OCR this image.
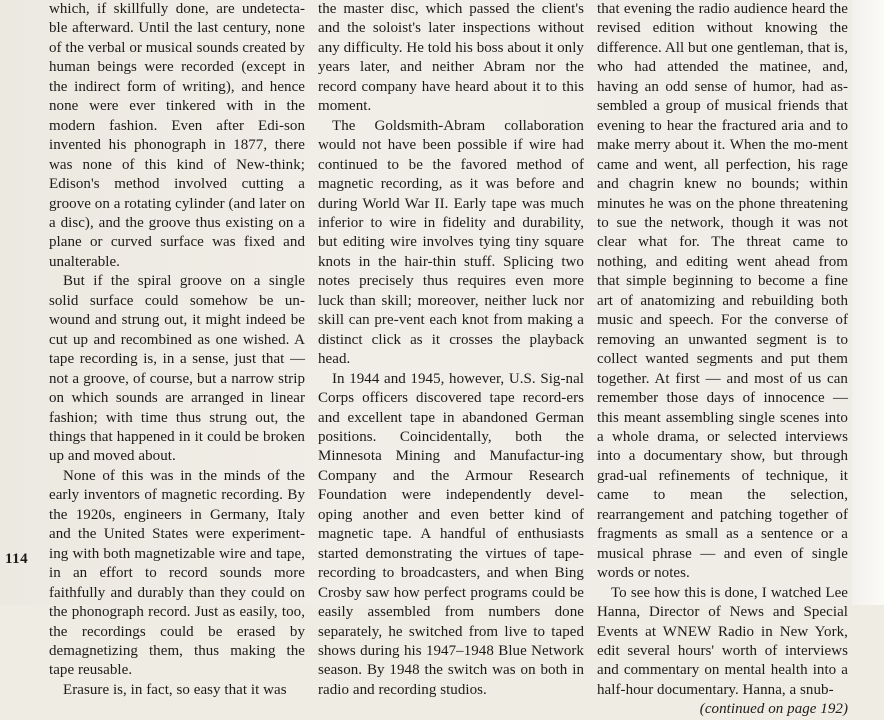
which, if skillfully done, are undetecta-ble afterward. Until the last century, none of the verbal or musical sounds created by human beings were recorded (except in the indirect form of writing), and hence none were ever tinkered with in the modern fashion. Even after Edi-son invented his phonograph in 1877, there was none of this kind of New-think; Edison's method involved cutting a groove on a rotating cylinder (and later on a disc), and the groove thus existing on a plane or curved surface was fixed and unalterable.

But if the spiral groove on a single solid surface could somehow be un-wound and strung out, it might indeed be cut up and recombined as one wished. A tape recording is, in a sense, just that — not a groove, of course, but a narrow strip on which sounds are arranged in linear fashion; with time thus strung out, the things that happened in it could be broken up and moved about.

None of this was in the minds of the early inventors of magnetic recording. By the 1920s, engineers in Germany, Italy and the United States were experiment-ing with both magnetizable wire and tape, in an effort to record sounds more faithfully and durably than they could on the phonograph record. Just as easily, too, the recordings could be erased by demagnetizing them, thus making the tape reusable.

Erasure is, in fact, so easy that it was

the master disc, which passed the client's and the soloist's later inspections without any difficulty. He told his boss about it only years later, and neither Abram nor the record company have heard about it to this moment.

The Goldsmith-Abram collaboration would not have been possible if wire had continued to be the favored method of magnetic recording, as it was before and during World War II. Early tape was much inferior to wire in fidelity and durability, but editing wire involves tying tiny square knots in the hair-thin stuff. Splicing two notes precisely thus requires even more luck than skill; moreover, neither luck nor skill can pre-vent each knot from making a distinct click as it crosses the playback head.

In 1944 and 1945, however, U.S. Sig-nal Corps officers discovered tape record-ers and excellent tape in abandoned German positions. Coincidentally, both the Minnesota Mining and Manufactur-ing Company and the Armour Research Foundation were independently devel-oping another and even better kind of magnetic tape. A handful of enthusiasts started demonstrating the virtues of tape-recording to broadcasters, and when Bing Crosby saw how perfect programs could be easily assembled from numbers done separately, he switched from live to taped shows during his 1947–1948 Blue Network season. By 1948 the switch was on both in radio and recording studios.

that evening the radio audience heard the revised edition without knowing the difference. All but one gentleman, that is, who had attended the matinee, and, having an odd sense of humor, had as-sembled a group of musical friends that evening to hear the fractured aria and to make merry about it. When the mo-ment came and went, all perfection, his rage and chagrin knew no bounds; within minutes he was on the phone threatening to sue the network, though it was not clear what for. The threat came to nothing, and editing went ahead from that simple beginning to become a fine art of anatomizing and rebuilding both music and speech. For the converse of removing an unwanted segment is to collect wanted segments and put them together. At first — and most of us can remember those days of innocence — this meant assembling single scenes into a whole drama, or selected interviews into a documentary show, but through grad-ual refinements of technique, it came to mean the selection, rearrangement and patching together of fragments as small as a sentence or a musical phrase — and even of single words or notes.

To see how this is done, I watched Lee Hanna, Director of News and Special Events at WNEW Radio in New York, edit several hours' worth of interviews and commentary on mental health into a half-hour documentary. Hanna, a snub-

(continued on page 192)
114
